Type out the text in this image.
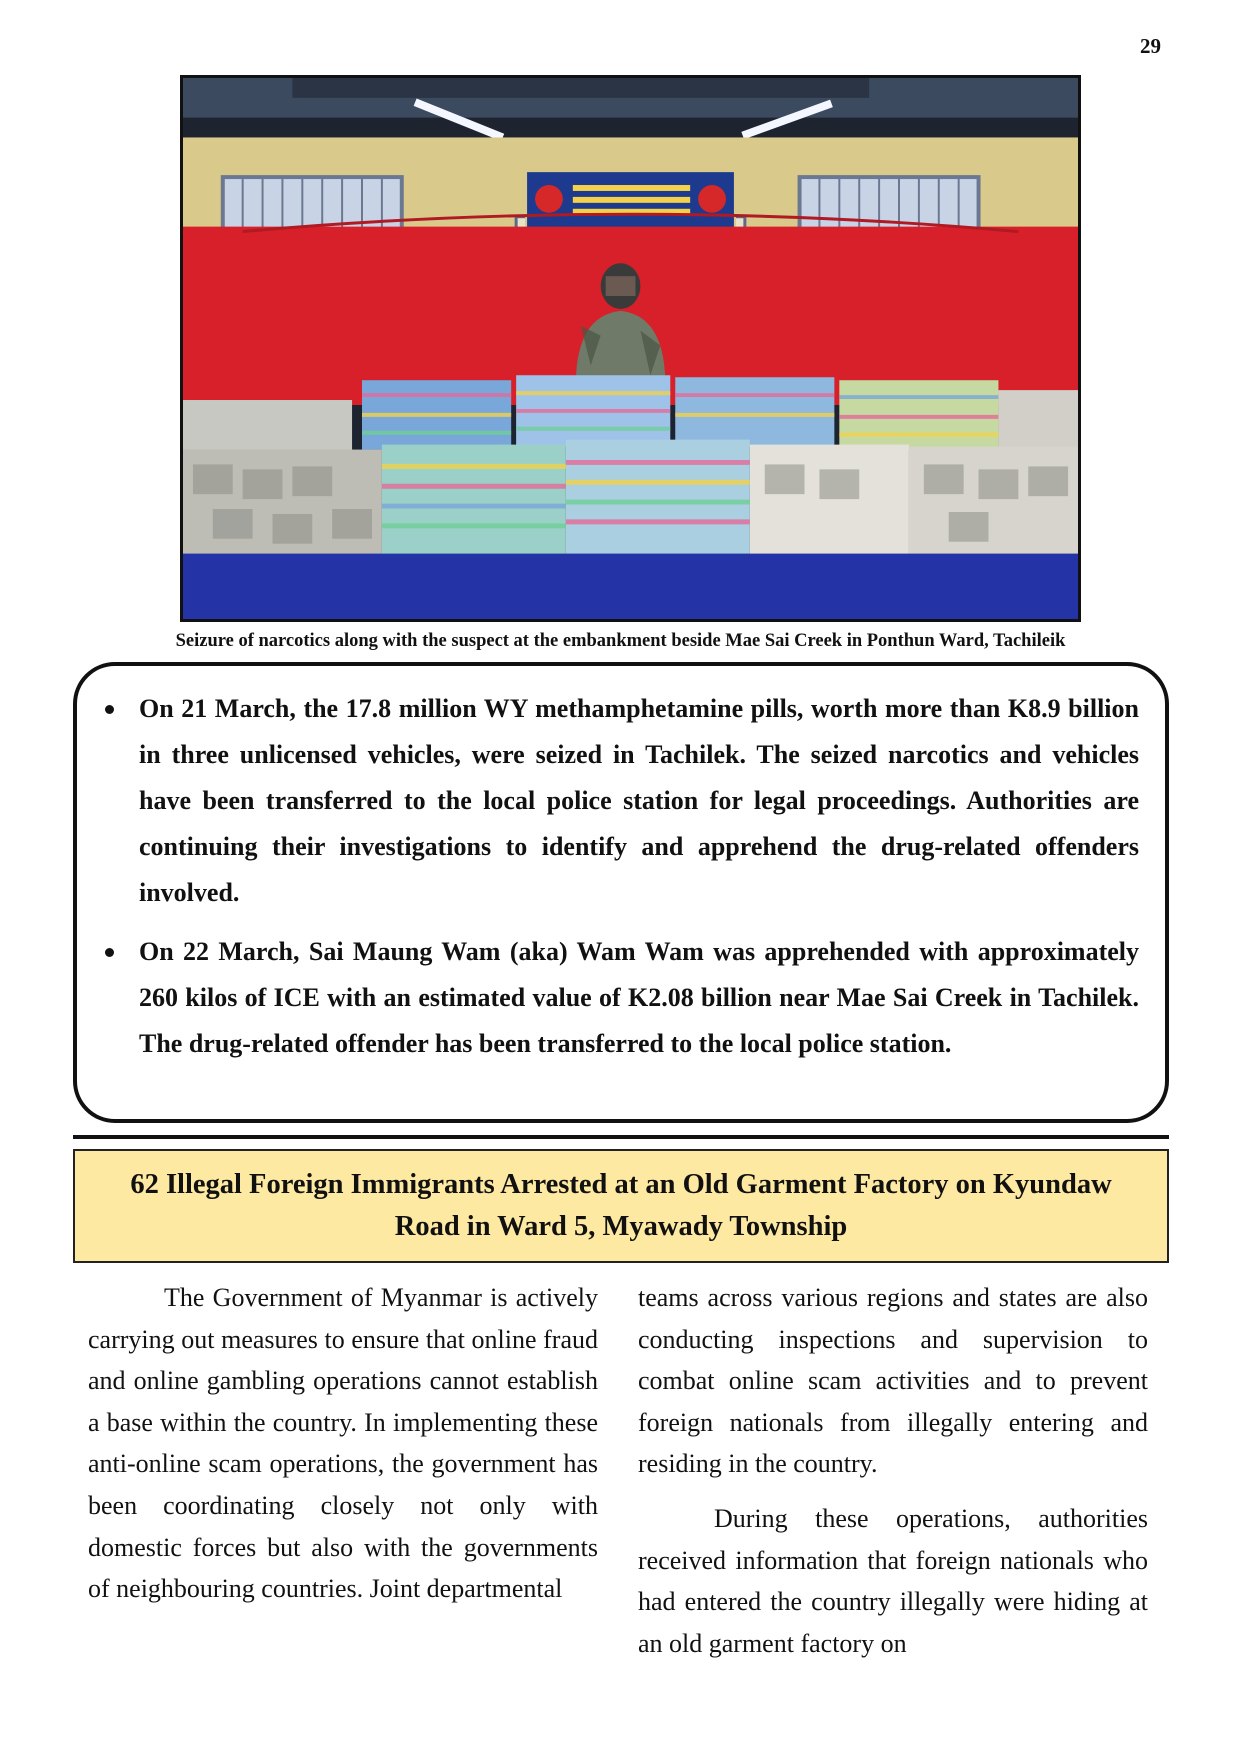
29
Seizure of narcotics along with the suspect at the embankment beside Mae Sai Creek in Ponthun Ward, Tachileik
On 21 March, the 17.8 million WY methamphetamine pills, worth more than K8.9 billion in three unlicensed vehicles, were seized in Tachilek. The seized narcotics and vehicles have been transferred to the local police station for legal proceedings. Authorities are continuing their investigations to identify and apprehend the drug-related offenders involved.
On 22 March, Sai Maung Wam (aka) Wam Wam was apprehended with approximately 260 kilos of ICE with an estimated value of K2.08 billion near Mae Sai Creek in Tachilek. The drug-related offender has been transferred to the local police station.
62 Illegal Foreign Immigrants Arrested at an Old Garment Factory on Kyundaw
Road in Ward 5, Myawady Township

The Government of Myanmar is actively carrying out measures to ensure that online fraud and online gambling operations cannot establish a base within the country. In implementing these anti-online scam operations, the government has been coordinating closely not only with domestic forces but also with the governments of neighbouring countries. Joint departmental

teams across various regions and states are also conducting inspections and supervision to combat online scam activities and to prevent foreign nationals from illegally entering and residing in the country.

During these operations, authorities received information that foreign nationals who had entered the country illegally were hiding at an old garment factory on
